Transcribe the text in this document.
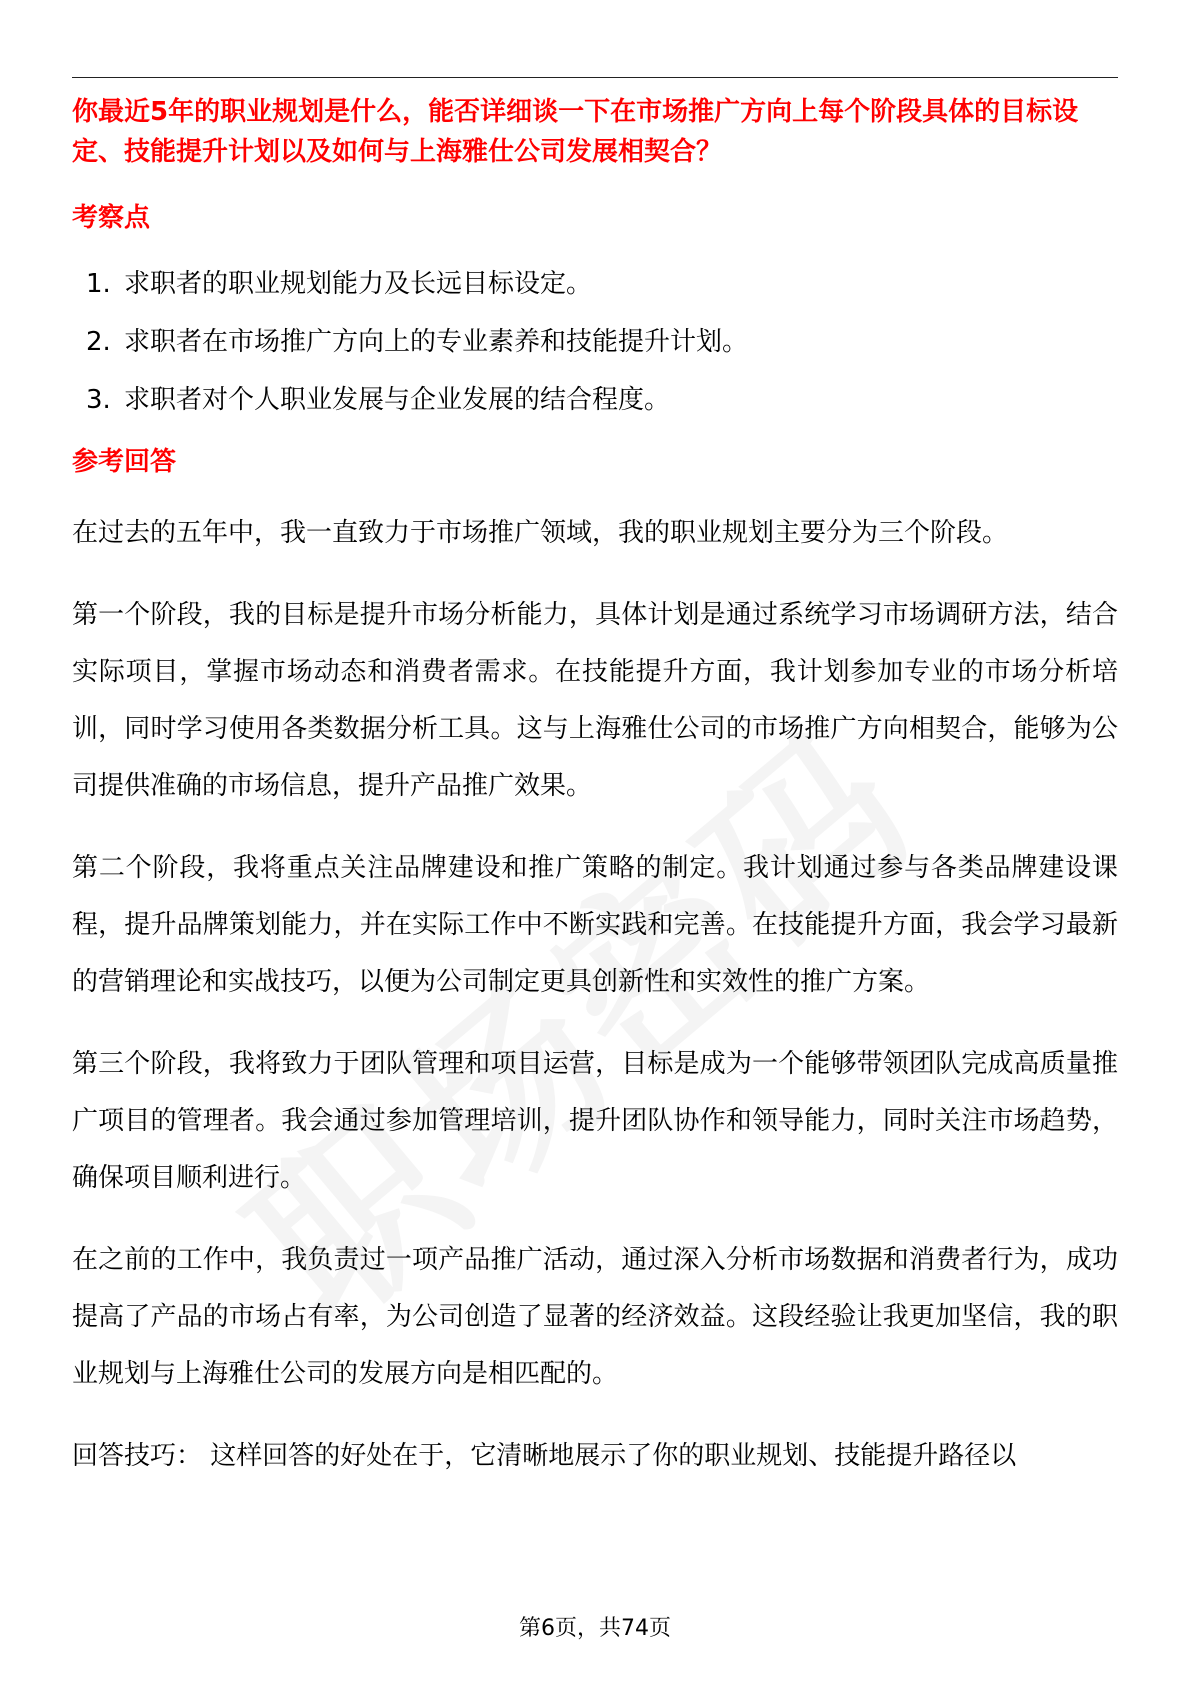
你最近5年的职业规划是什么，能否详细谈一下在市场推广方向上每个阶段具体的目标设定、技能提升计划以及如何与上海雅仕公司发展相契合？

考察点

1. 求职者的职业规划能力及长远目标设定。
2. 求职者在市场推广方向上的专业素养和技能提升计划。
3. 求职者对个人职业发展与企业发展的结合程度。

参考回答

在过去的五年中，我一直致力于市场推广领域，我的职业规划主要分为三个阶段。

第一个阶段，我的目标是提升市场分析能力，具体计划是通过系统学习市场调研方法，结合实际项目，掌握市场动态和消费者需求。在技能提升方面，我计划参加专业的市场分析培训，同时学习使用各类数据分析工具。这与上海雅仕公司的市场推广方向相契合，能够为公司提供准确的市场信息，提升产品推广效果。

第二个阶段，我将重点关注品牌建设和推广策略的制定。我计划通过参与各类品牌建设课程，提升品牌策划能力，并在实际工作中不断实践和完善。在技能提升方面，我会学习最新的营销理论和实战技巧，以便为公司制定更具创新性和实效性的推广方案。

第三个阶段，我将致力于团队管理和项目运营，目标是成为一个能够带领团队完成高质量推广项目的管理者。我会通过参加管理培训，提升团队协作和领导能力，同时关注市场趋势，确保项目顺利进行。

在之前的工作中，我负责过一项产品推广活动，通过深入分析市场数据和消费者行为，成功提高了产品的市场占有率，为公司创造了显著的经济效益。这段经验让我更加坚信，我的职业规划与上海雅仕公司的发展方向是相匹配的。

回答技巧： 这样回答的好处在于，它清晰地展示了你的职业规划、技能提升路径以

第6页，共74页
